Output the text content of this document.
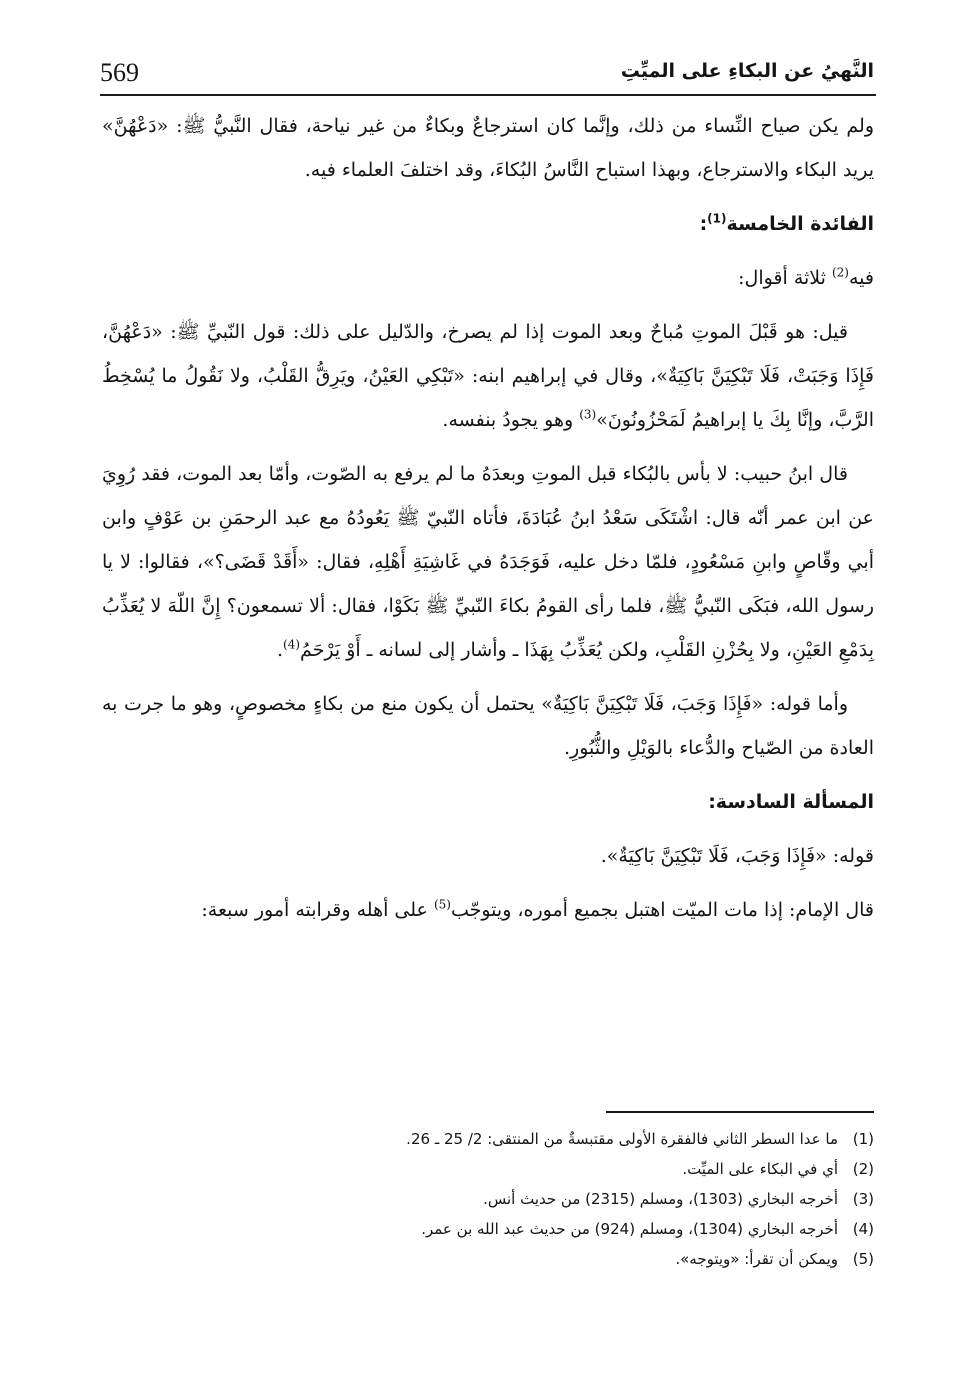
569	النَّهيُ عن البكاءِ على الميِّتِ

ولم يكن صياح النِّساء من ذلك، وإنَّما كان استرجاعٌ وبكاءٌ من غير نياحة، فقال النَّبيُّ ﷺ: «دَعْهُنَّ» يريد البكاء والاسترجاع، وبهذا استباح النَّاسُ البُكاءَ، وقد اختلفَ العلماء فيه.

الفائدة الخامسة$^{(1)}$:

فيه$^{(2)}$ ثلاثة أقوال:

قيل: هو قَبْلَ الموتِ مُباحٌ وبعد الموت إذا لم يصرخ، والدّليل على ذلك: قول النّبيِّ ﷺ: «دَعْهُنَّ، فَإِذَا وَجَبَتْ، فَلَا تَبْكِيَنَّ بَاكِيَةٌ»، وقال في إبراهيم ابنه: «تَبْكِي العَيْنُ، ويَرِقُّ القَلْبُ، ولا نَقُولُ ما يُسْخِطُ الرَّبَّ، وإنَّا بِكَ يا إبراهيمُ لَمَحْزُونُونَ»$^{(3)}$ وهو يجودُ بنفسه.

قال ابنُ حبيب: لا بأس بالبُكاء قبل الموتِ وبعدَهُ ما لم يرفع به الصّوت، وأمّا بعد الموت، فقد رُوِيَ عن ابن عمر أنّه قال: اشْتَكَى سَعْدُ ابنُ عُبَادَةَ، فأتاه النّبيّ ﷺ يَعُودُهُ مع عبد الرحمَنِ بن عَوْفٍ وابن أبي وقّاصٍ وابنِ مَسْعُودٍ، فلمّا دخل عليه، فَوَجَدَهُ في غَاشِيَةِ أَهْلِهِ، فقال: «أَقَدْ قَضَى؟»، فقالوا: لا يا رسول الله، فبَكَى النّبيُّ ﷺ، فلما رأى القومُ بكاءَ النّبيِّ ﷺ بَكَوْا، فقال: ألا تسمعون؟ إِنَّ اللّهَ لا يُعَذِّبُ بِدَمْعِ العَيْنِ، ولا بِحُزْنِ القَلْبِ، ولكن يُعَذِّبُ بِهَذَا ـ وأشار إلى لسانه ـ أَوْ يَرْحَمُ$^{(4)}$.

وأما قوله: «فَإِذَا وَجَبَ، فَلَا تَبْكِيَنَّ بَاكِيَةٌ» يحتمل أن يكون منع من بكاءٍ مخصوصٍ، وهو ما جرت به العادة من الصّياح والدُّعاء بالوَيْلِ والثُّبُورِ.

المسألة السادسة:

قوله: «فَإِذَا وَجَبَ، فَلَا تَبْكِيَنَّ بَاكِيَةٌ».

قال الإمام: إذا مات الميّت اهتبل بجميع أموره، ويتوجّب$^{(5)}$ على أهله وقرابته أمور سبعة:

(1)
ما عدا السطر الثاني فالفقرة الأولى مقتبسةٌ من المنتقى: 2/ 25 ـ 26.
(2)
أي في البكاء على الميِّت.
(3)
أخرجه البخاري (1303)، ومسلم (2315) من حديث أنس.
(4)
أخرجه البخاري (1304)، ومسلم (924) من حديث عبد الله بن عمر.
(5)
ويمكن أن تقرأ: «ويتوجه».
